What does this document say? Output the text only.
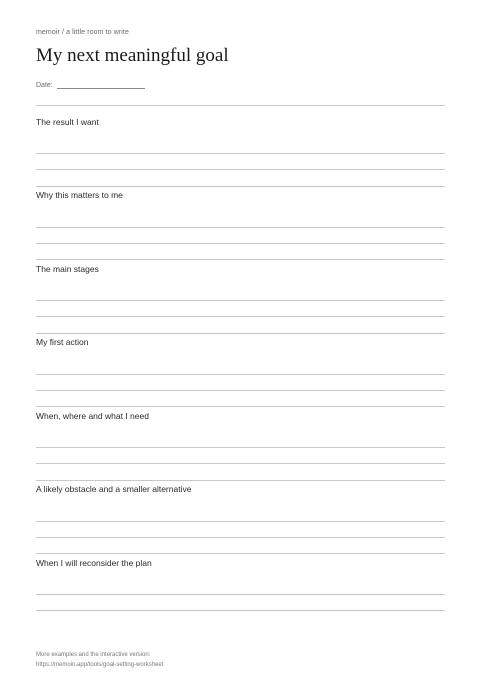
memoir / a little room to write
My next meaningful goal
Date:
The result I want
Why this matters to me
The main stages
My first action
When, where and what I need
A likely obstacle and a smaller alternative
When I will reconsider the plan
More examples and the interactive version:
https://memoin.app/tools/goal-setting-worksheet
